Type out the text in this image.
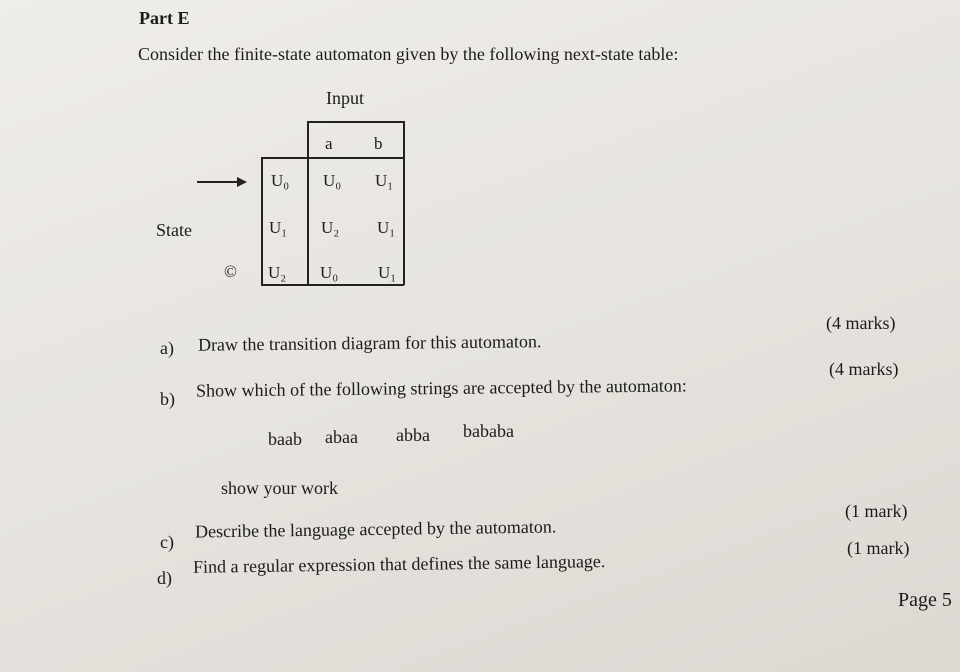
Part E
Consider the finite-state automaton given by the following next-state table:
Input
State
a b
U₀ U₀ U₁
U₁ U₂ U₁
U₂ U₀ U₁
©
a) Draw the transition diagram for this automaton.
(4 marks)
b) Show which of the following strings are accepted by the automaton:
(4 marks)
baab abaa abba bababa
show your work
c)
Describe the language accepted by the automaton.
(1 mark)
d)
Find a regular expression that defines the same language.
(1 mark)
Page 5
